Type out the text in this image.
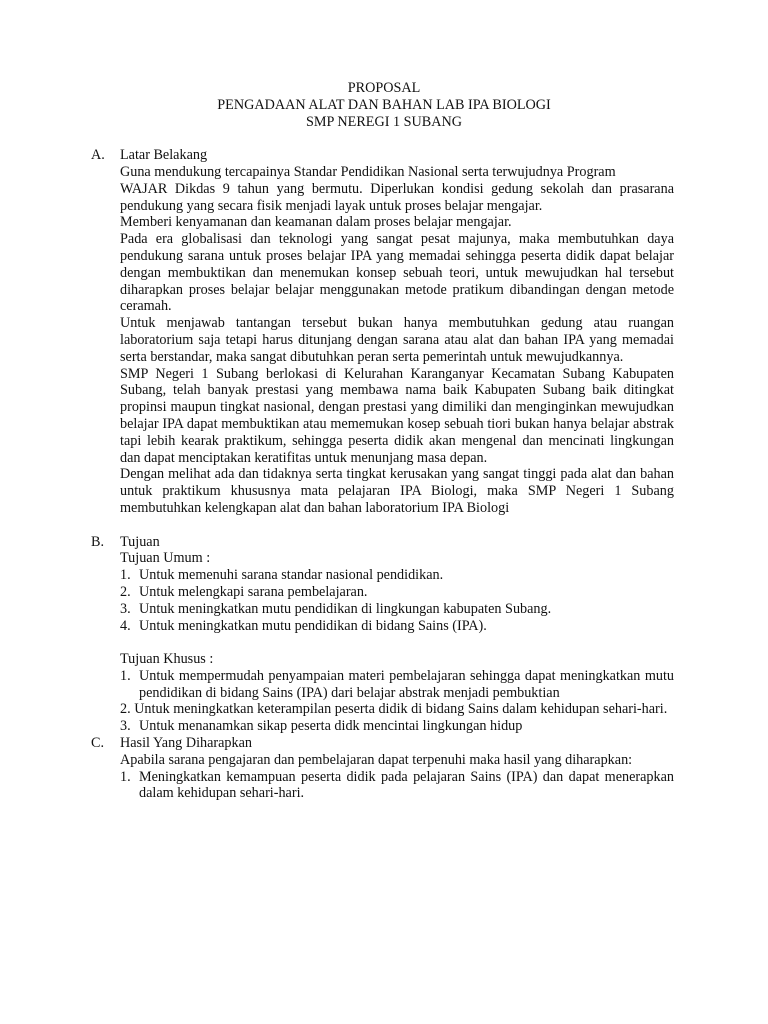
PROPOSAL
PENGADAAN ALAT DAN BAHAN LAB IPA BIOLOGI
SMP NEREGI 1 SUBANG
A. Latar Belakang

Guna mendukung tercapainya Standar Pendidikan Nasional serta terwujudnya Program

WAJAR Dikdas 9 tahun yang bermutu. Diperlukan kondisi gedung sekolah dan prasarana pendukung yang secara fisik menjadi layak untuk proses belajar mengajar.

Memberi kenyamanan dan keamanan dalam proses belajar mengajar.

Pada era globalisasi dan teknologi yang sangat pesat majunya, maka membutuhkan daya pendukung sarana untuk proses belajar IPA yang memadai sehingga peserta didik dapat belajar dengan membuktikan dan menemukan konsep sebuah teori, untuk mewujudkan hal tersebut diharapkan proses belajar belajar menggunakan metode pratikum dibandingan dengan metode ceramah.

Untuk menjawab tantangan tersebut bukan hanya membutuhkan gedung atau ruangan laboratorium saja tetapi harus ditunjang dengan sarana atau alat dan bahan IPA yang memadai serta berstandar, maka sangat dibutuhkan peran serta pemerintah untuk mewujudkannya.

SMP Negeri 1 Subang berlokasi di Kelurahan Karanganyar Kecamatan Subang Kabupaten Subang, telah banyak prestasi yang membawa nama baik Kabupaten Subang baik ditingkat propinsi maupun tingkat nasional, dengan prestasi yang dimiliki dan menginginkan mewujudkan belajar IPA dapat membuktikan atau mememukan kosep sebuah tiori bukan hanya belajar abstrak tapi lebih kearak praktikum, sehingga peserta didik akan mengenal dan mencinati lingkungan dan dapat menciptakan keratifitas untuk menunjang masa depan.

Dengan melihat ada dan tidaknya serta tingkat kerusakan yang sangat tinggi pada alat dan bahan untuk praktikum khususnya mata pelajaran IPA Biologi, maka SMP Negeri 1 Subang membutuhkan kelengkapan alat dan bahan laboratorium IPA Biologi

B. Tujuan
Tujuan Umum :
1. Untuk memenuhi sarana standar nasional pendidikan.
2. Untuk melengkapi sarana pembelajaran.
3. Untuk meningkatkan mutu pendidikan di lingkungan kabupaten Subang.
4. Untuk meningkatkan mutu pendidikan di bidang Sains (IPA).
Tujuan Khusus :
1. Untuk mempermudah penyampaian materi pembelajaran sehingga dapat meningkatkan mutu pendidikan di bidang Sains (IPA) dari belajar abstrak menjadi pembuktian
2. Untuk meningkatkan keterampilan peserta didik di bidang Sains dalam kehidupan sehari-hari.
3. Untuk menanamkan sikap peserta didk mencintai lingkungan hidup
C. Hasil Yang Diharapkan

Apabila sarana pengajaran dan pembelajaran dapat terpenuhi maka hasil yang diharapkan:

1. Meningkatkan kemampuan peserta didik pada pelajaran Sains (IPA) dan dapat menerapkan dalam kehidupan sehari-hari.
